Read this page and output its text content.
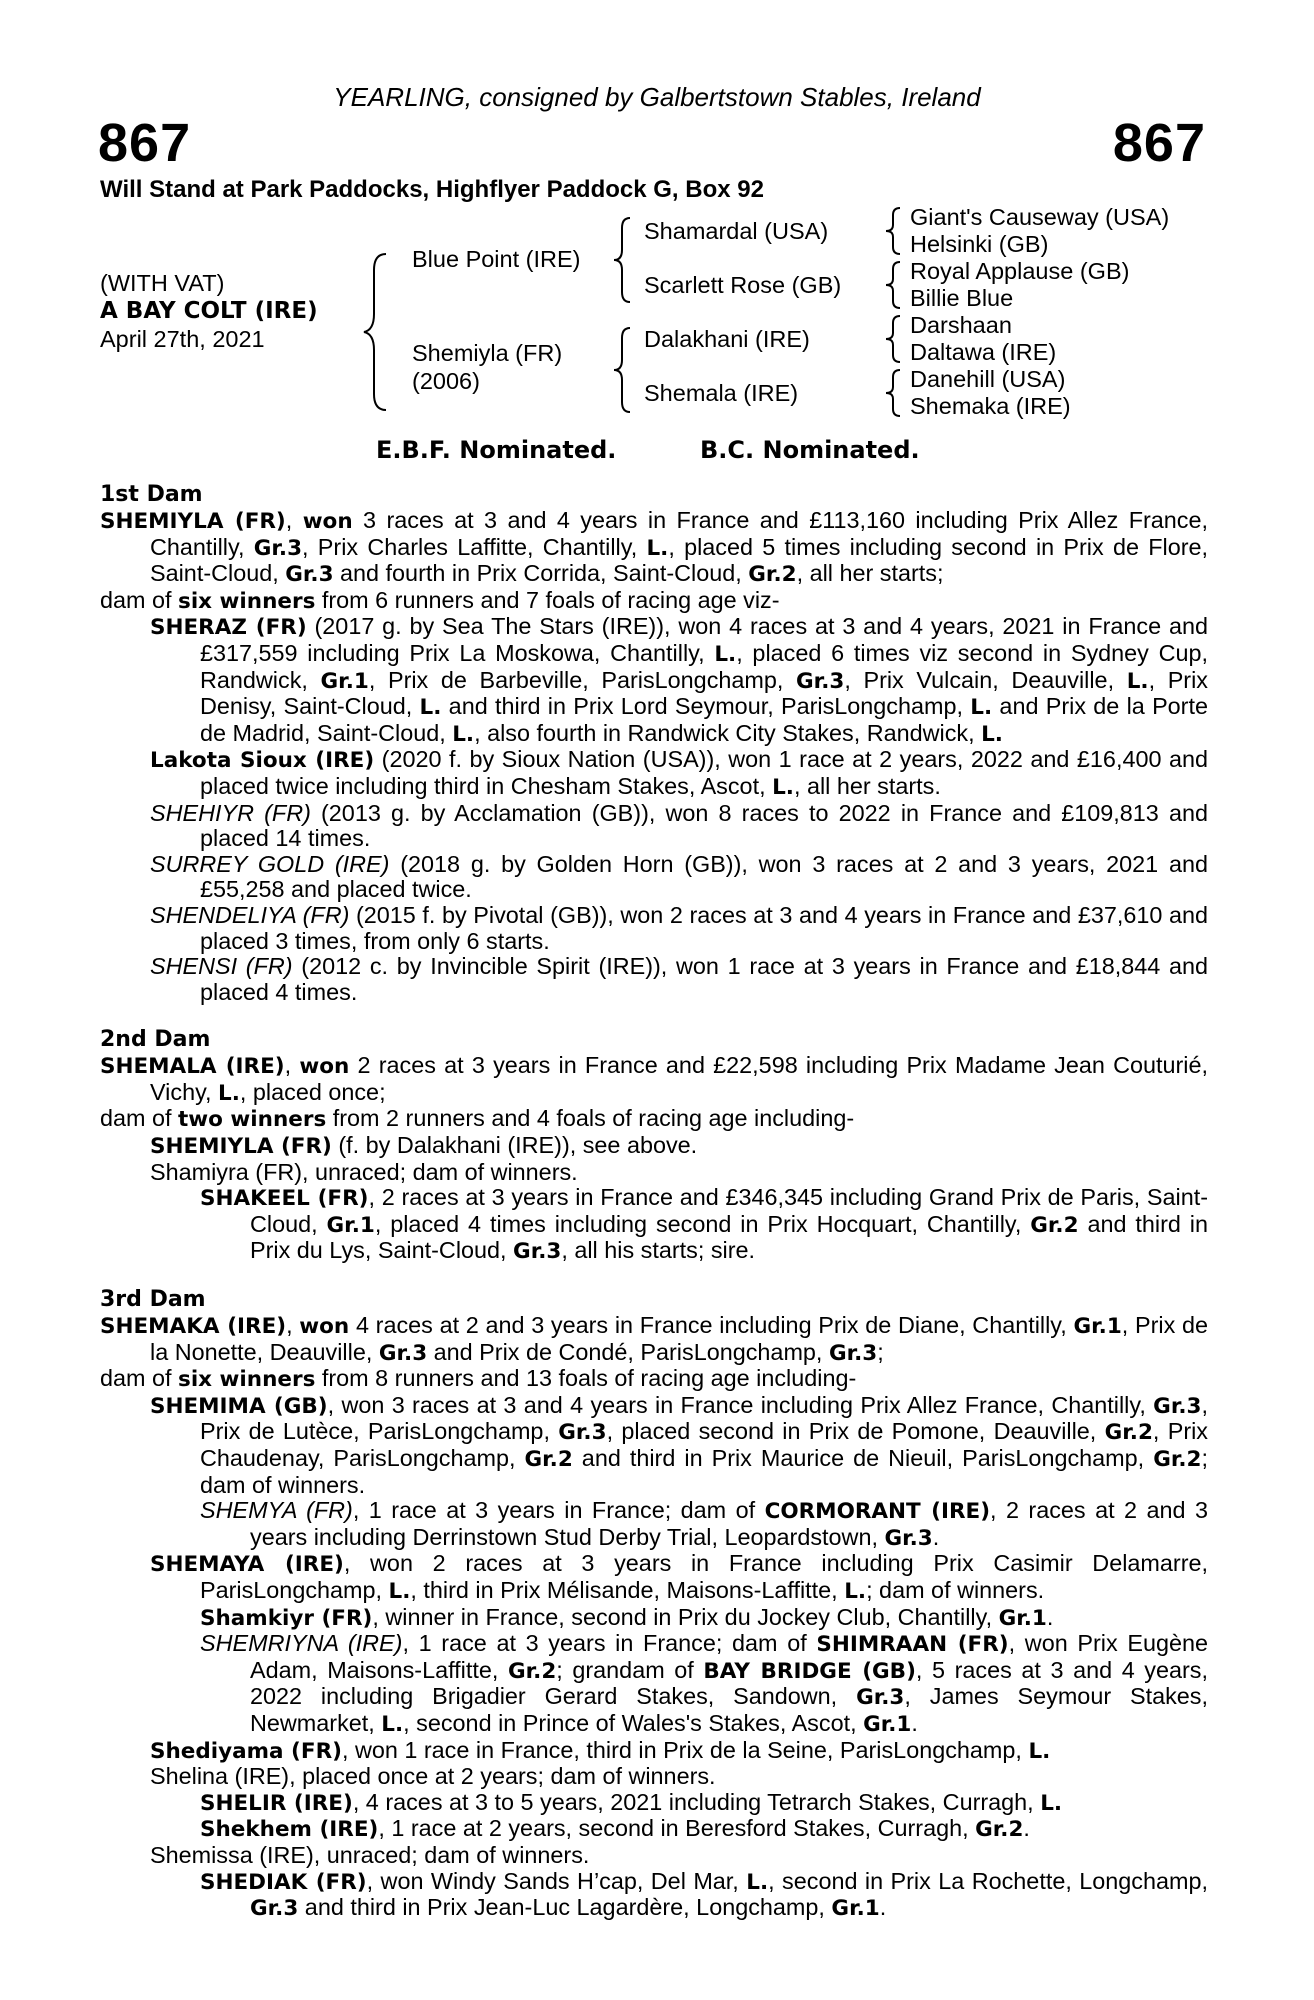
YEARLING, consigned by Galbertstown Stables, Ireland
867	867
Will Stand at Park Paddocks, Highflyer Paddock G, Box 92
(WITH VAT)
A BAY COLT (IRE)
April 27th, 2021
Blue Point (IRE)
Shemiyla (FR)
(2006)
Shamardal (USA)
Scarlett Rose (GB)
Dalakhani (IRE)
Shemala (IRE)
Giant's Causeway (USA)
Helsinki (GB)
Royal Applause (GB)
Billie Blue
Darshaan
Daltawa (IRE)
Danehill (USA)
Shemaka (IRE)
E.B.F. Nominated.	B.C. Nominated.
1st Dam

SHEMIYLA (FR), won 3 races at 3 and 4 years in France and £113,160 including Prix Allez France, Chantilly, Gr.3, Prix Charles Laffitte, Chantilly, L., placed 5 times including second in Prix de Flore, Saint-Cloud, Gr.3 and fourth in Prix Corrida, Saint-Cloud, Gr.2, all her starts;

dam of six winners from 6 runners and 7 foals of racing age viz-

SHERAZ (FR) (2017 g. by Sea The Stars (IRE)), won 4 races at 3 and 4 years, 2021 in France and £317,559 including Prix La Moskowa, Chantilly, L., placed 6 times viz second in Sydney Cup, Randwick, Gr.1, Prix de Barbeville, ParisLongchamp, Gr.3, Prix Vulcain, Deauville, L., Prix Denisy, Saint-Cloud, L. and third in Prix Lord Seymour, ParisLongchamp, L. and Prix de la Porte de Madrid, Saint-Cloud, L., also fourth in Randwick City Stakes, Randwick, L.

Lakota Sioux (IRE) (2020 f. by Sioux Nation (USA)), won 1 race at 2 years, 2022 and £16,400 and placed twice including third in Chesham Stakes, Ascot, L., all her starts.

SHEHIYR (FR) (2013 g. by Acclamation (GB)), won 8 races to 2022 in France and £109,813 and placed 14 times.

SURREY GOLD (IRE) (2018 g. by Golden Horn (GB)), won 3 races at 2 and 3 years, 2021 and £55,258 and placed twice.

SHENDELIYA (FR) (2015 f. by Pivotal (GB)), won 2 races at 3 and 4 years in France and £37,610 and placed 3 times, from only 6 starts.

SHENSI (FR) (2012 c. by Invincible Spirit (IRE)), won 1 race at 3 years in France and £18,844 and placed 4 times.

2nd Dam

SHEMALA (IRE), won 2 races at 3 years in France and £22,598 including Prix Madame Jean Couturié, Vichy, L., placed once;

dam of two winners from 2 runners and 4 foals of racing age including-

SHEMIYLA (FR) (f. by Dalakhani (IRE)), see above.

Shamiyra (FR), unraced; dam of winners.

SHAKEEL (FR), 2 races at 3 years in France and £346,345 including Grand Prix de Paris, Saint-Cloud, Gr.1, placed 4 times including second in Prix Hocquart, Chantilly, Gr.2 and third in Prix du Lys, Saint-Cloud, Gr.3, all his starts; sire.

3rd Dam

SHEMAKA (IRE), won 4 races at 2 and 3 years in France including Prix de Diane, Chantilly, Gr.1, Prix de la Nonette, Deauville, Gr.3 and Prix de Condé, ParisLongchamp, Gr.3;

dam of six winners from 8 runners and 13 foals of racing age including-

SHEMIMA (GB), won 3 races at 3 and 4 years in France including Prix Allez France, Chantilly, Gr.3, Prix de Lutèce, ParisLongchamp, Gr.3, placed second in Prix de Pomone, Deauville, Gr.2, Prix Chaudenay, ParisLongchamp, Gr.2 and third in Prix Maurice de Nieuil, ParisLongchamp, Gr.2; dam of winners.

SHEMYA (FR), 1 race at 3 years in France; dam of CORMORANT (IRE), 2 races at 2 and 3 years including Derrinstown Stud Derby Trial, Leopardstown, Gr.3.

SHEMAYA (IRE), won 2 races at 3 years in France including Prix Casimir Delamarre, ParisLongchamp, L., third in Prix Mélisande, Maisons-Laffitte, L.; dam of winners.

Shamkiyr (FR), winner in France, second in Prix du Jockey Club, Chantilly, Gr.1.

SHEMRIYNA (IRE), 1 race at 3 years in France; dam of SHIMRAAN (FR), won Prix Eugène Adam, Maisons-Laffitte, Gr.2; grandam of BAY BRIDGE (GB), 5 races at 3 and 4 years, 2022 including Brigadier Gerard Stakes, Sandown, Gr.3, James Seymour Stakes, Newmarket, L., second in Prince of Wales's Stakes, Ascot, Gr.1.

Shediyama (FR), won 1 race in France, third in Prix de la Seine, ParisLongchamp, L.

Shelina (IRE), placed once at 2 years; dam of winners.

SHELIR (IRE), 4 races at 3 to 5 years, 2021 including Tetrarch Stakes, Curragh, L.

Shekhem (IRE), 1 race at 2 years, second in Beresford Stakes, Curragh, Gr.2.

Shemissa (IRE), unraced; dam of winners.

SHEDIAK (FR), won Windy Sands H’cap, Del Mar, L., second in Prix La Rochette, Longchamp, Gr.3 and third in Prix Jean-Luc Lagardère, Longchamp, Gr.1.
